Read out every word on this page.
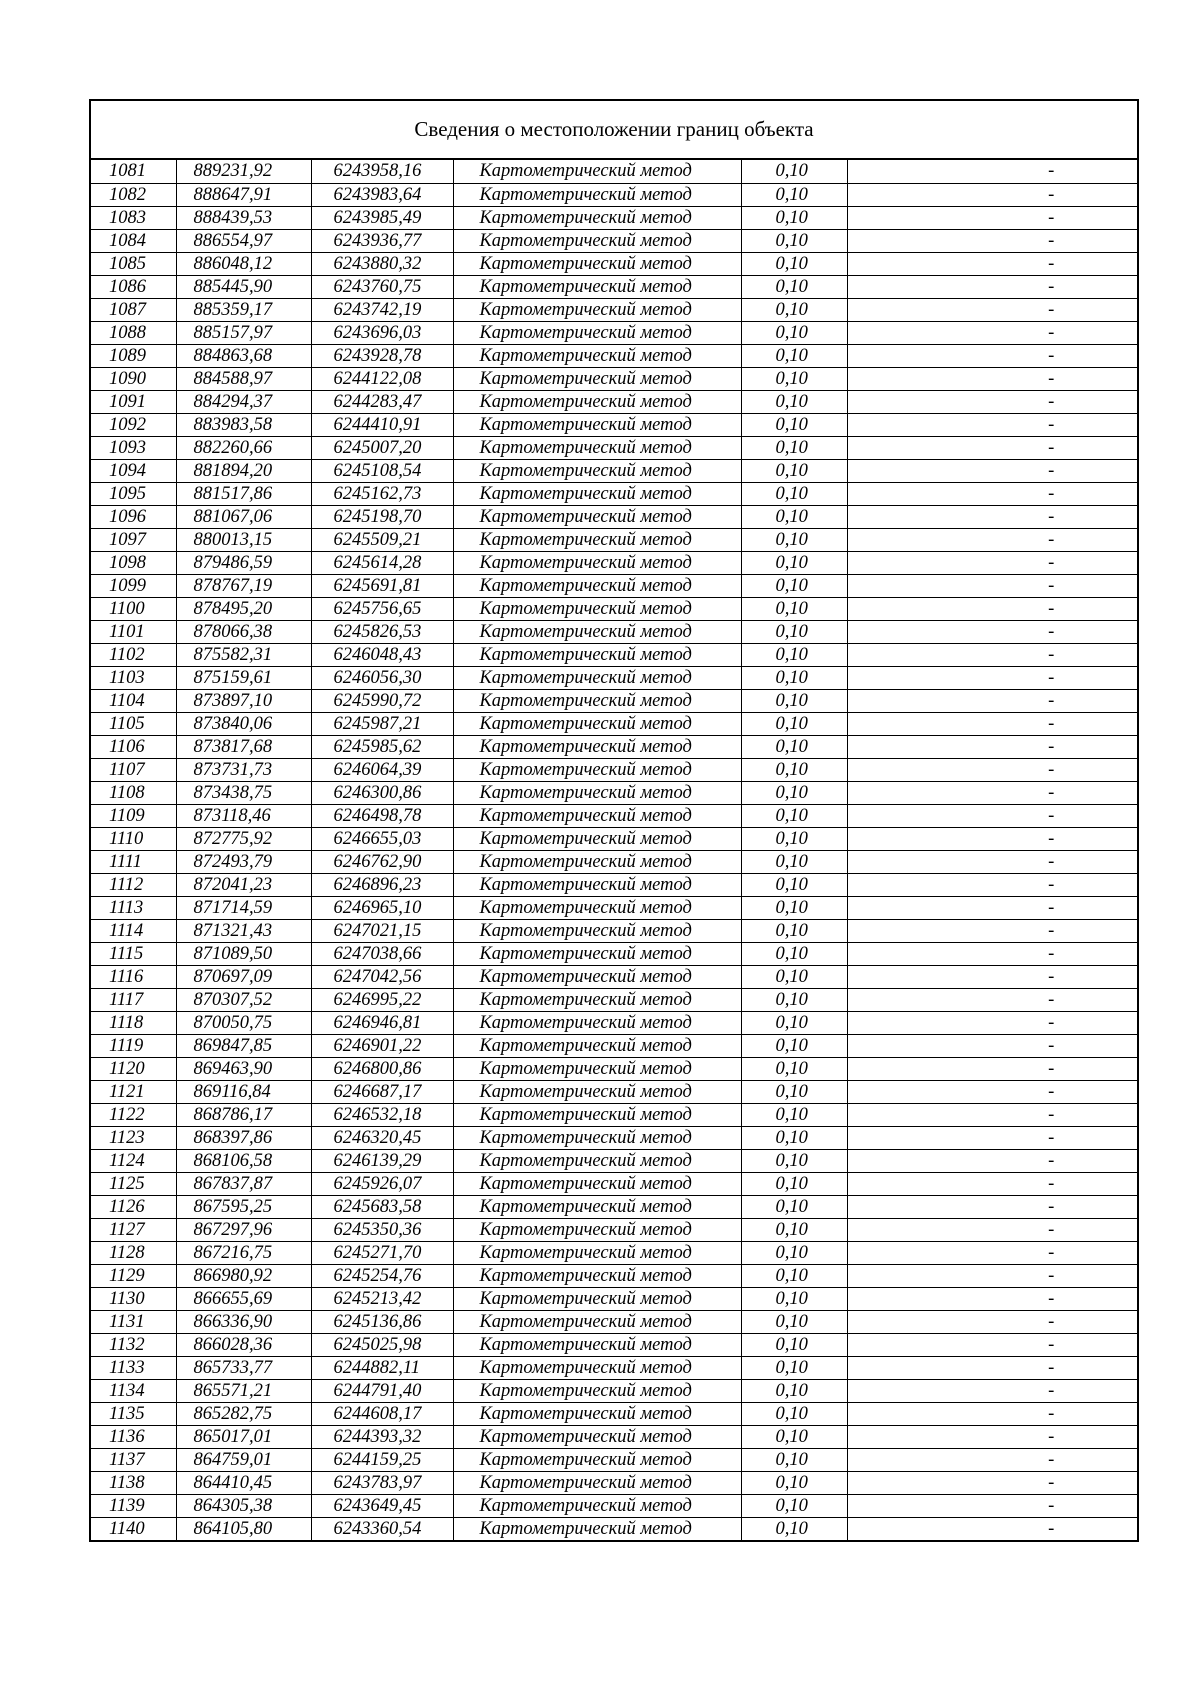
Сведения о местоположении границ объекта
1081	889231,92	6243958,16	Картометрический метод	0,10	-
1082	888647,91	6243983,64	Картометрический метод	0,10	-
1083	888439,53	6243985,49	Картометрический метод	0,10	-
1084	886554,97	6243936,77	Картометрический метод	0,10	-
1085	886048,12	6243880,32	Картометрический метод	0,10	-
1086	885445,90	6243760,75	Картометрический метод	0,10	-
1087	885359,17	6243742,19	Картометрический метод	0,10	-
1088	885157,97	6243696,03	Картометрический метод	0,10	-
1089	884863,68	6243928,78	Картометрический метод	0,10	-
1090	884588,97	6244122,08	Картометрический метод	0,10	-
1091	884294,37	6244283,47	Картометрический метод	0,10	-
1092	883983,58	6244410,91	Картометрический метод	0,10	-
1093	882260,66	6245007,20	Картометрический метод	0,10	-
1094	881894,20	6245108,54	Картометрический метод	0,10	-
1095	881517,86	6245162,73	Картометрический метод	0,10	-
1096	881067,06	6245198,70	Картометрический метод	0,10	-
1097	880013,15	6245509,21	Картометрический метод	0,10	-
1098	879486,59	6245614,28	Картометрический метод	0,10	-
1099	878767,19	6245691,81	Картометрический метод	0,10	-
1100	878495,20	6245756,65	Картометрический метод	0,10	-
1101	878066,38	6245826,53	Картометрический метод	0,10	-
1102	875582,31	6246048,43	Картометрический метод	0,10	-
1103	875159,61	6246056,30	Картометрический метод	0,10	-
1104	873897,10	6245990,72	Картометрический метод	0,10	-
1105	873840,06	6245987,21	Картометрический метод	0,10	-
1106	873817,68	6245985,62	Картометрический метод	0,10	-
1107	873731,73	6246064,39	Картометрический метод	0,10	-
1108	873438,75	6246300,86	Картометрический метод	0,10	-
1109	873118,46	6246498,78	Картометрический метод	0,10	-
1110	872775,92	6246655,03	Картометрический метод	0,10	-
1111	872493,79	6246762,90	Картометрический метод	0,10	-
1112	872041,23	6246896,23	Картометрический метод	0,10	-
1113	871714,59	6246965,10	Картометрический метод	0,10	-
1114	871321,43	6247021,15	Картометрический метод	0,10	-
1115	871089,50	6247038,66	Картометрический метод	0,10	-
1116	870697,09	6247042,56	Картометрический метод	0,10	-
1117	870307,52	6246995,22	Картометрический метод	0,10	-
1118	870050,75	6246946,81	Картометрический метод	0,10	-
1119	869847,85	6246901,22	Картометрический метод	0,10	-
1120	869463,90	6246800,86	Картометрический метод	0,10	-
1121	869116,84	6246687,17	Картометрический метод	0,10	-
1122	868786,17	6246532,18	Картометрический метод	0,10	-
1123	868397,86	6246320,45	Картометрический метод	0,10	-
1124	868106,58	6246139,29	Картометрический метод	0,10	-
1125	867837,87	6245926,07	Картометрический метод	0,10	-
1126	867595,25	6245683,58	Картометрический метод	0,10	-
1127	867297,96	6245350,36	Картометрический метод	0,10	-
1128	867216,75	6245271,70	Картометрический метод	0,10	-
1129	866980,92	6245254,76	Картометрический метод	0,10	-
1130	866655,69	6245213,42	Картометрический метод	0,10	-
1131	866336,90	6245136,86	Картометрический метод	0,10	-
1132	866028,36	6245025,98	Картометрический метод	0,10	-
1133	865733,77	6244882,11	Картометрический метод	0,10	-
1134	865571,21	6244791,40	Картометрический метод	0,10	-
1135	865282,75	6244608,17	Картометрический метод	0,10	-
1136	865017,01	6244393,32	Картометрический метод	0,10	-
1137	864759,01	6244159,25	Картометрический метод	0,10	-
1138	864410,45	6243783,97	Картометрический метод	0,10	-
1139	864305,38	6243649,45	Картометрический метод	0,10	-
1140	864105,80	6243360,54	Картометрический метод	0,10	-
